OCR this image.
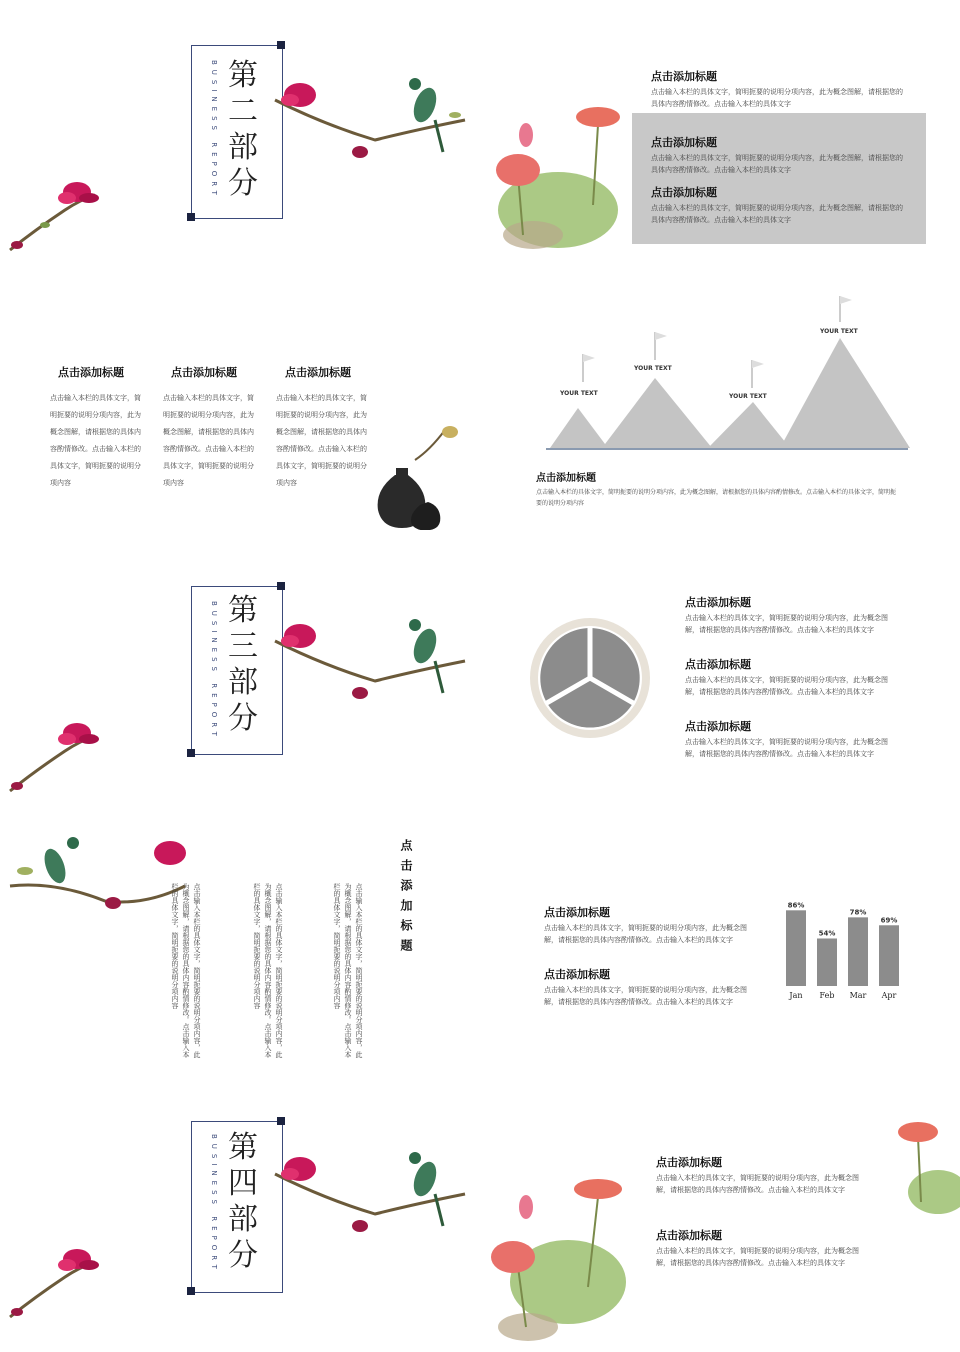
BUSINESS REPORT 第二部分
点击添加标题
点击输入本栏的具体文字，简明扼要的说明分项内容，此为概念图解，请根据您的具体内容酌情修改。点击输入本栏的具体文字
点击添加标题
点击输入本栏的具体文字，简明扼要的说明分项内容，此为概念图解，请根据您的具体内容酌情修改。点击输入本栏的具体文字
点击添加标题
点击输入本栏的具体文字，简明扼要的说明分项内容，此为概念图解，请根据您的具体内容酌情修改。点击输入本栏的具体文字
点击添加标题
点击输入本栏的具体文字，简明扼要的说明分项内容，此为概念图解，请根据您的具体内容酌情修改。点击输入本栏的具体文字，简明扼要的说明分项内容
点击添加标题
点击输入本栏的具体文字，简明扼要的说明分项内容，此为概念图解，请根据您的具体内容酌情修改。点击输入本栏的具体文字，简明扼要的说明分项内容
点击添加标题
点击输入本栏的具体文字，简明扼要的说明分项内容，此为概念图解，请根据您的具体内容酌情修改。点击输入本栏的具体文字，简明扼要的说明分项内容
YOUR TEXT
YOUR TEXT
YOUR TEXT
YOUR TEXT
点击添加标题
点击输入本栏的具体文字，简明扼要的说明分项内容，此为概念图解，请根据您的具体内容酌情修改。点击输入本栏的具体文字，简明扼要的说明分项内容
BUSINESS REPORT 第三部分
点击添加标题
点击输入本栏的具体文字，简明扼要的说明分项内容，此为概念图解，请根据您的具体内容酌情修改。点击输入本栏的具体文字
点击添加标题
点击输入本栏的具体文字，简明扼要的说明分项内容，此为概念图解，请根据您的具体内容酌情修改。点击输入本栏的具体文字
点击添加标题
点击输入本栏的具体文字，简明扼要的说明分项内容，此为概念图解，请根据您的具体内容酌情修改。点击输入本栏的具体文字
点击输入本栏的具体文字，简明扼要的说明分项内容，此为概念图解，请根据您的具体内容酌情修改。点击输入本栏的具体文字，简明扼要的说明分项内容	点击输入本栏的具体文字，简明扼要的说明分项内容，此为概念图解，请根据您的具体内容酌情修改。点击输入本栏的具体文字，简明扼要的说明分项内容	点击输入本栏的具体文字，简明扼要的说明分项内容，此为概念图解，请根据您的具体内容酌情修改。点击输入本栏的具体文字，简明扼要的说明分项内容	点击添加标题	点击添加标题
点击输入本栏的具体文字，简明扼要的说明分项内容，此为概念图解，请根据您的具体内容酌情修改。点击输入本栏的具体文字
点击添加标题
点击输入本栏的具体文字，简明扼要的说明分项内容，此为概念图解，请根据您的具体内容酌情修改。点击输入本栏的具体文字
86%
Jan
54%
Feb
78%
Mar
69%
Apr
BUSINESS REPORT 第四部分
点击添加标题
点击输入本栏的具体文字，简明扼要的说明分项内容，此为概念图解，请根据您的具体内容酌情修改。点击输入本栏的具体文字
点击添加标题
点击输入本栏的具体文字，简明扼要的说明分项内容，此为概念图解，请根据您的具体内容酌情修改。点击输入本栏的具体文字
